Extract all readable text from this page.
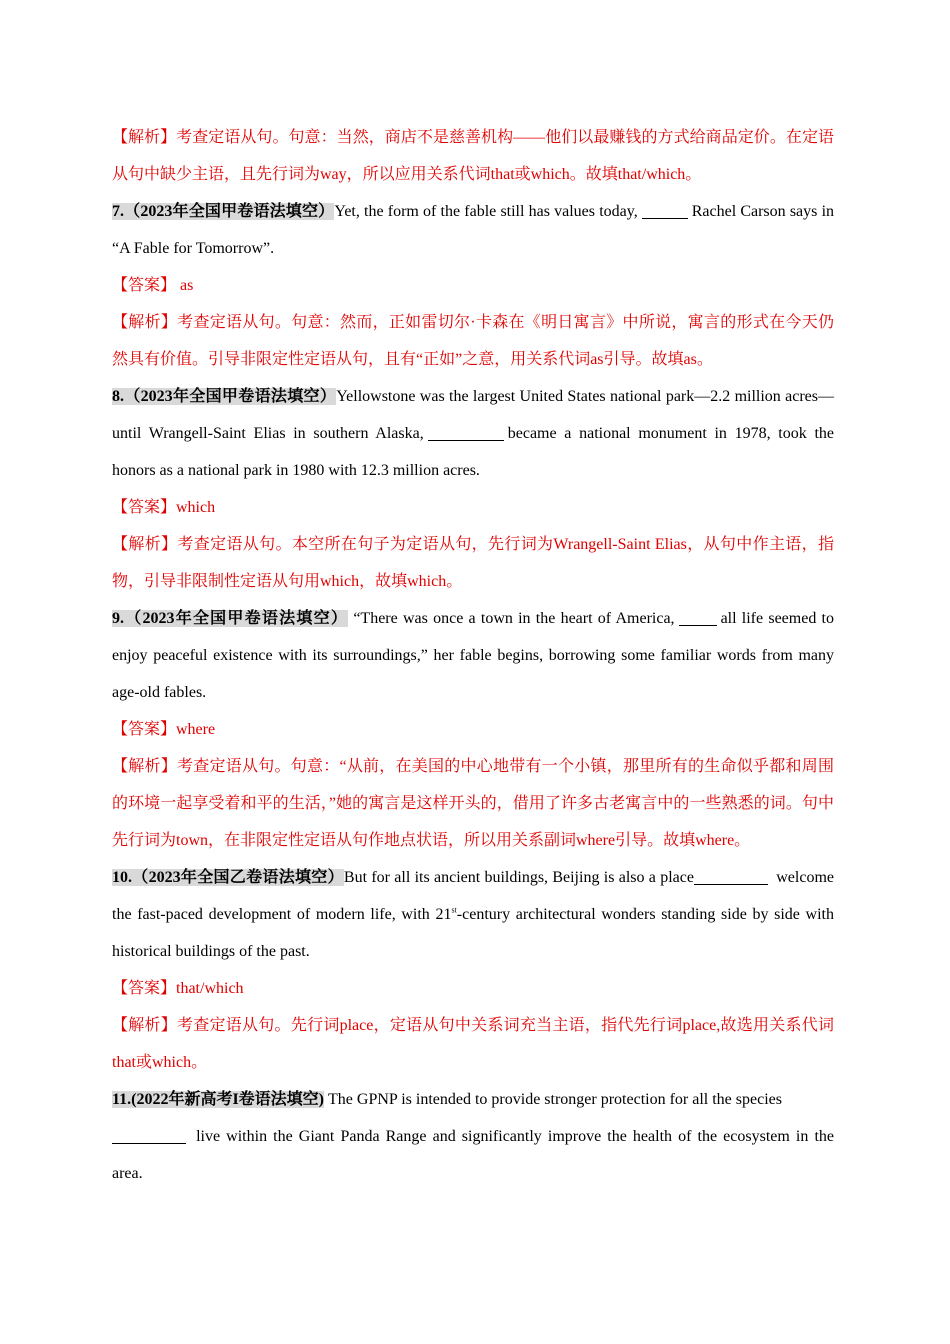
【解析】考查定语从句。句意：当然，商店不是慈善机构——他们以最赚钱的方式给商品定价。在定语从句中缺少主语，且先行词为way，所以应用关系代词that或which。故填that/which。

7.（2023年全国甲卷语法填空）Yet, the form of the fable still has values today,	Rachel Carson says in “A Fable for Tomorrow”.

【答案】 as

【解析】考查定语从句。句意：然而，正如雷切尔·卡森在《明日寓言》中所说，寓言的形式在今天仍然具有价值。引导非限定性定语从句，且有“正如”之意，用关系代词as引导。故填as。

8.（2023年全国甲卷语法填空）Yellowstone was the largest United States national park—2.2 million acres—until Wrangell-Saint Elias in southern Alaska,	became a national monument in 1978, took the honors as a national park in 1980 with 12.3 million acres.

【答案】which

【解析】考查定语从句。本空所在句子为定语从句，先行词为Wrangell-Saint Elias，从句中作主语，指物，引导非限制性定语从句用which，故填which。

9.（2023年全国甲卷语法填空） “There was once a town in the heart of America,	all life seemed to enjoy peaceful existence with its surroundings,” her fable begins, borrowing some familiar words from many age-old fables.

【答案】where

【解析】考查定语从句。句意：“从前，在美国的中心地带有一个小镇，那里所有的生命似乎都和周围的环境一起享受着和平的生活，”她的寓言是这样开头的，借用了许多古老寓言中的一些熟悉的词。句中先行词为town，在非限定性定语从句作地点状语，所以用关系副词where引导。故填where。

10.（2023年全国乙卷语法填空）But for all its ancient buildings, Beijing is also a place	welcome the fast-paced development of modern life, with 21st-century architectural wonders standing side by side with historical buildings of the past.

【答案】that/which

【解析】考查定语从句。先行词place，定语从句中关系词充当主语，指代先行词place,故选用关系代词that或which。

11.(2022年新高考I卷语法填空) The GPNP is intended to provide stronger protection for all the species
live within the Giant Panda Range and significantly improve the health of the ecosystem in the area.
